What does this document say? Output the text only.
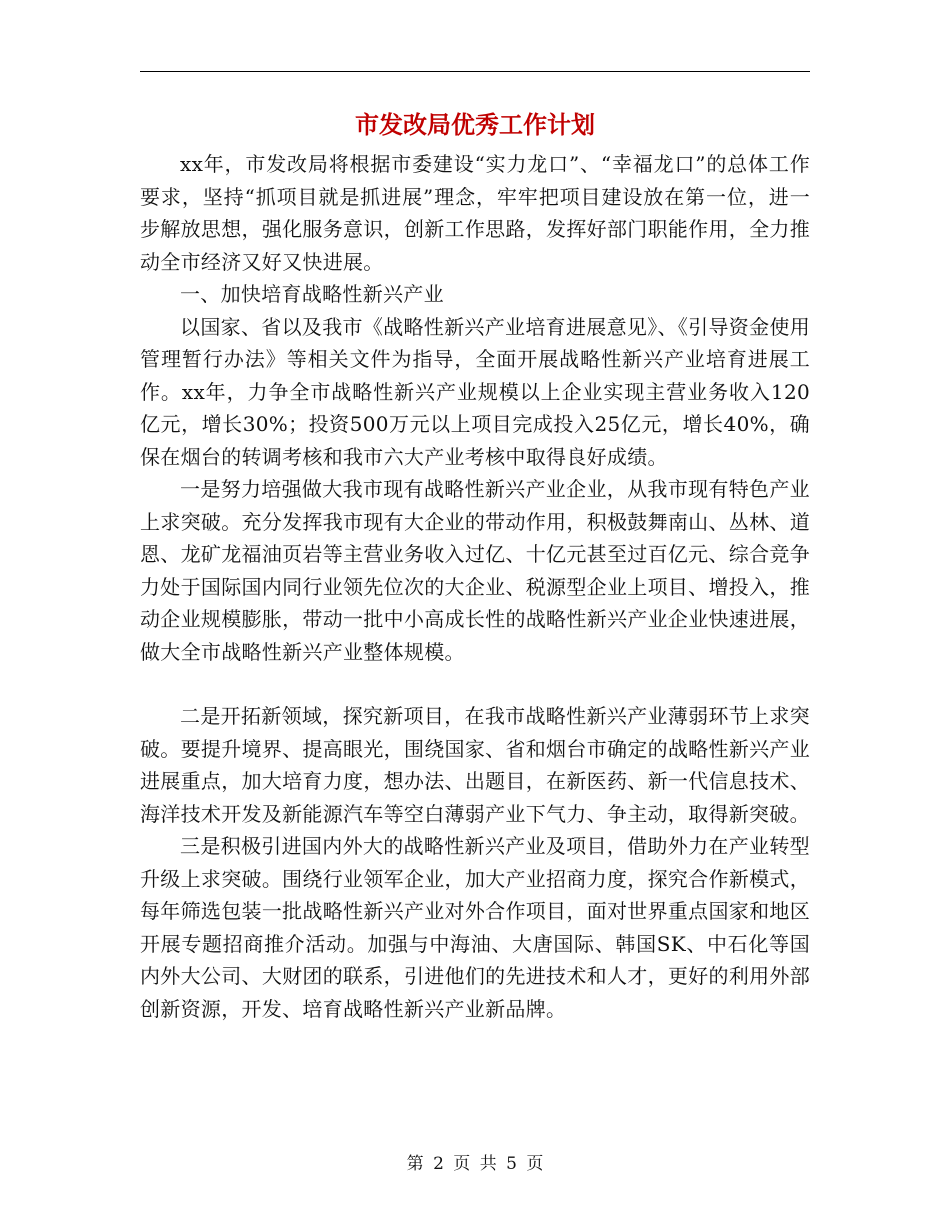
市发改局优秀工作计划

xx年，市发改局将根据市委建设“实力龙口”、“幸福龙口”的总体工作要求，坚持“抓项目就是抓进展”理念，牢牢把项目建设放在第一位，进一步解放思想，强化服务意识，创新工作思路，发挥好部门职能作用，全力推动全市经济又好又快进展。

一、加快培育战略性新兴产业

以国家、省以及我市《战略性新兴产业培育进展意见》、《引导资金使用管理暂行办法》等相关文件为指导，全面开展战略性新兴产业培育进展工作。xx年，力争全市战略性新兴产业规模以上企业实现主营业务收入120亿元，增长30%；投资500万元以上项目完成投入25亿元，增长40%，确保在烟台的转调考核和我市六大产业考核中取得良好成绩。

一是努力培强做大我市现有战略性新兴产业企业，从我市现有特色产业上求突破。充分发挥我市现有大企业的带动作用，积极鼓舞南山、丛林、道恩、龙矿龙福油页岩等主营业务收入过亿、十亿元甚至过百亿元、综合竞争力处于国际国内同行业领先位次的大企业、税源型企业上项目、增投入，推动企业规模膨胀，带动一批中小高成长性的战略性新兴产业企业快速进展，做大全市战略性新兴产业整体规模。

二是开拓新领域，探究新项目，在我市战略性新兴产业薄弱环节上求突破。要提升境界、提高眼光，围绕国家、省和烟台市确定的战略性新兴产业进展重点，加大培育力度，想办法、出题目，在新医药、新一代信息技术、海洋技术开发及新能源汽车等空白薄弱产业下气力、争主动，取得新突破。

三是积极引进国内外大的战略性新兴产业及项目，借助外力在产业转型升级上求突破。围绕行业领军企业，加大产业招商力度，探究合作新模式，每年筛选包装一批战略性新兴产业对外合作项目，面对世界重点国家和地区开展专题招商推介活动。加强与中海油、大唐国际、韩国SK、中石化等国内外大公司、大财团的联系，引进他们的先进技术和人才，更好的利用外部创新资源，开发、培育战略性新兴产业新品牌。

第 2 页 共 5 页
